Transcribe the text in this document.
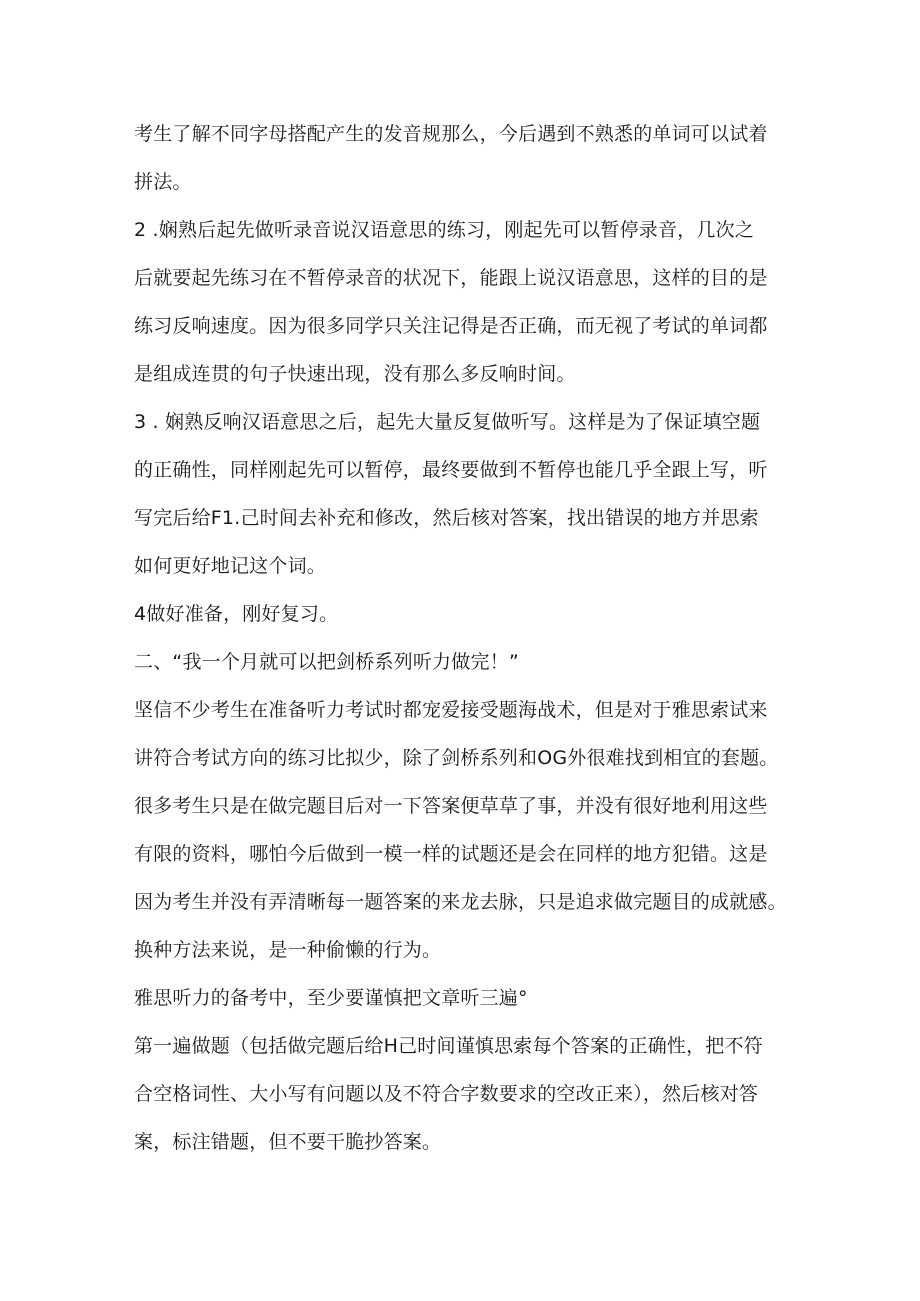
考生了解不同字母搭配产生的发音规那么，今后遇到不熟悉的单词可以试着
拼法。
2 .娴熟后起先做听录音说汉语意思的练习，刚起先可以暂停录音，几次之
后就要起先练习在不暂停录音的状况下，能跟上说汉语意思，这样的目的是
练习反响速度。因为很多同学只关注记得是否正确，而无视了考试的单词都
是组成连贯的句子快速出现，没有那么多反响时间。
3 . 娴熟反响汉语意思之后，起先大量反复做听写。这样是为了保证填空题
的正确性，同样刚起先可以暂停，最终要做到不暂停也能几乎全跟上写，听
写完后给F1.己时间去补充和修改，然后核对答案，找出错误的地方并思索
如何更好地记这个词。
4做好准备，刚好复习。
二、“我一个月就可以把剑桥系列听力做完！”
坚信不少考生在准备听力考试时都宠爱接受题海战术，但是对于雅思索试来
讲符合考试方向的练习比拟少，除了剑桥系列和OG外很难找到相宜的套题。
很多考生只是在做完题目后对一下答案便草草了事，并没有很好地利用这些
有限的资料，哪怕今后做到一模一样的试题还是会在同样的地方犯错。这是
因为考生并没有弄清晰每一题答案的来龙去脉，只是追求做完题目的成就感。
换种方法来说，是一种偷懒的行为。
雅思听力的备考中，至少要谨慎把文章听三遍°
第一遍做题（包括做完题后给H己时间谨慎思索每个答案的正确性，把不符
合空格词性、大小写有问题以及不符合字数要求的空改正来），然后核对答
案，标注错题，但不要干脆抄答案。
